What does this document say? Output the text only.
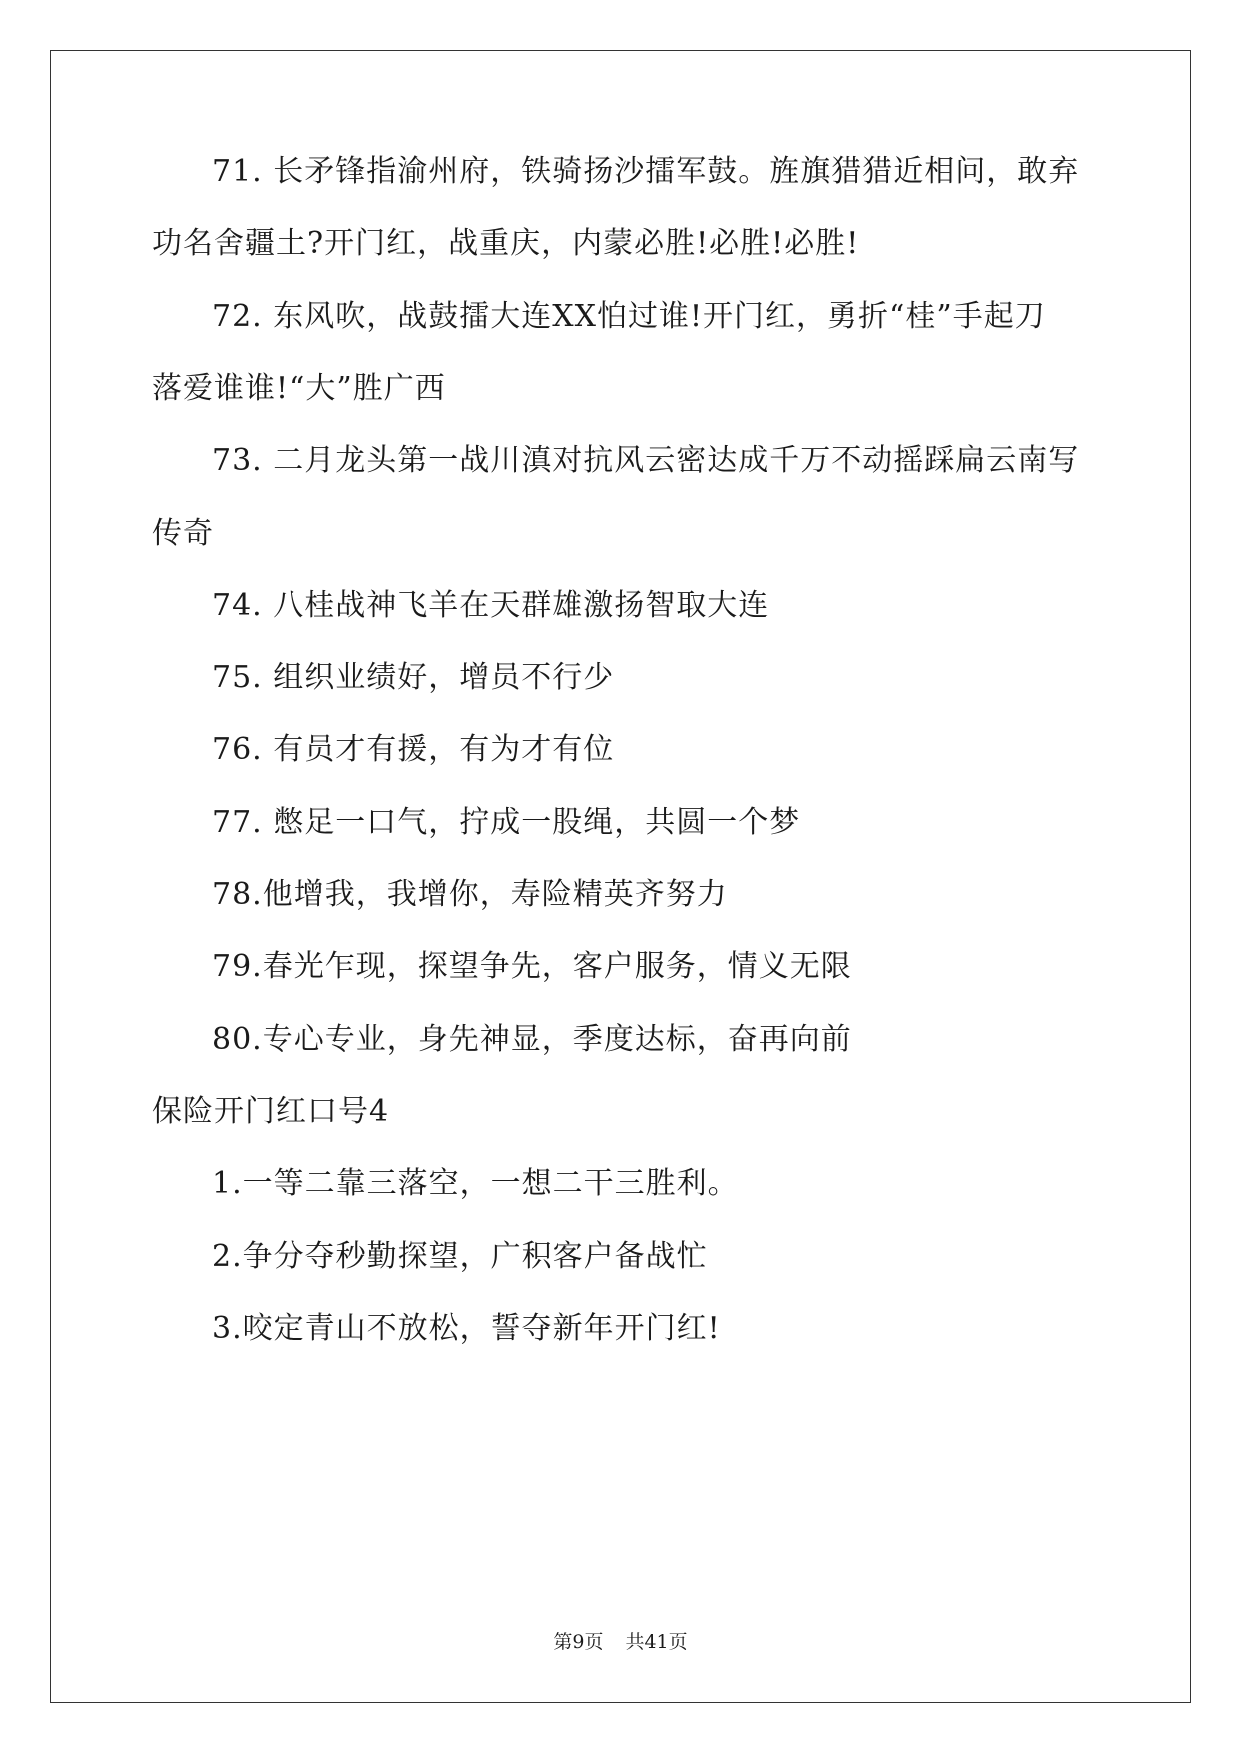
71. 长矛锋指渝州府，铁骑扬沙擂军鼓。旌旗猎猎近相问，敢弃
功名舍疆土?开门红，战重庆，内蒙必胜!必胜!必胜!
72. 东风吹，战鼓擂大连XX怕过谁!开门红，勇折“桂”手起刀
落爱谁谁!“大”胜广西
73. 二月龙头第一战川滇对抗风云密达成千万不动摇踩扁云南写
传奇
74. 八桂战神飞羊在天群雄激扬智取大连
75. 组织业绩好，增员不行少
76. 有员才有援，有为才有位
77. 憋足一口气，拧成一股绳，共圆一个梦
78.他增我，我增你，寿险精英齐努力
79.春光乍现，探望争先，客户服务，情义无限
80.专心专业，身先神显，季度达标，奋再向前
保险开门红口号4
1.一等二靠三落空，一想二干三胜利。
2.争分夺秒勤探望，广积客户备战忙
3.咬定青山不放松，誓夺新年开门红!
第9页 共41页
